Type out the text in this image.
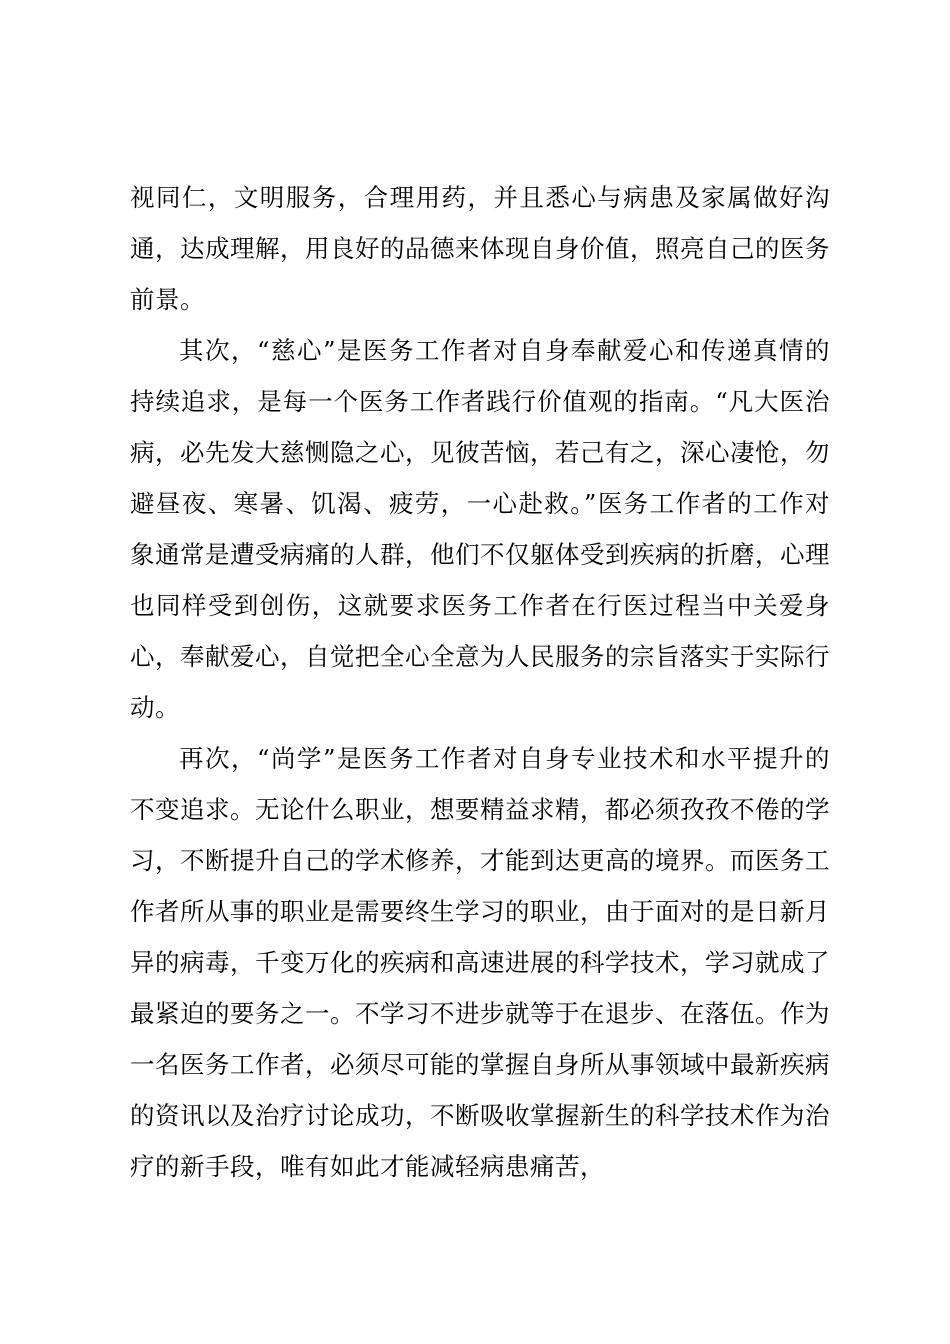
视同仁，文明服务，合理用药，并且悉心与病患及家属做好沟通，达成理解，用良好的品德来体现自身价值，照亮自己的医务前景。

其次，“慈心”是医务工作者对自身奉献爱心和传递真情的持续追求，是每一个医务工作者践行价值观的指南。“凡大医治病，必先发大慈恻隐之心，见彼苦恼，若己有之，深心凄怆，勿避昼夜、寒暑、饥渴、疲劳，一心赴救。”医务工作者的工作对象通常是遭受病痛的人群，他们不仅躯体受到疾病的折磨，心理也同样受到创伤，这就要求医务工作者在行医过程当中关爱身心，奉献爱心，自觉把全心全意为人民服务的宗旨落实于实际行动。

再次，“尚学”是医务工作者对自身专业技术和水平提升的不变追求。无论什么职业，想要精益求精，都必须孜孜不倦的学习，不断提升自己的学术修养，才能到达更高的境界。而医务工作者所从事的职业是需要终生学习的职业，由于面对的是日新月异的病毒，千变万化的疾病和高速进展的科学技术，学习就成了最紧迫的要务之一。不学习不进步就等于在退步、在落伍。作为一名医务工作者，必须尽可能的掌握自身所从事领域中最新疾病的资讯以及治疗讨论成功，不断吸收掌握新生的科学技术作为治疗的新手段，唯有如此才能减轻病患痛苦，
